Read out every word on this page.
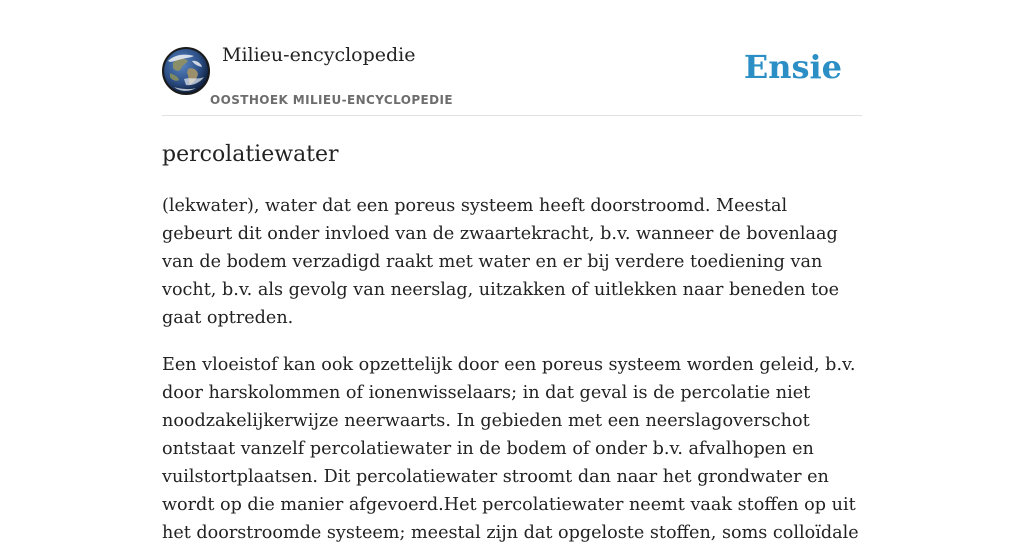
Milieu-encyclopedie
OOSTHOEK MILIEU-ENCYCLOPEDIE
Ensie
percolatiewater

(lekwater), water dat een poreus systeem heeft doorstroomd. Meestal gebeurt dit onder invloed van de zwaartekracht, b.v. wanneer de bovenlaag van de bodem verzadigd raakt met water en er bij verdere toediening van vocht, b.v. als gevolg van neerslag, uitzakken of uitlekken naar beneden toe gaat optreden.

Een vloeistof kan ook opzettelijk door een poreus systeem worden geleid, b.v. door harskolommen of ionenwisselaars; in dat geval is de percolatie niet noodzakelijkerwijze neerwaarts. In gebieden met een neerslagoverschot ontstaat vanzelf percolatiewater in de bodem of onder b.v. afvalhopen en vuilstortplaatsen. Dit percolatiewater stroomt dan naar het grondwater en wordt op die manier afgevoerd.Het percolatiewater neemt vaak stoffen op uit het doorstroomde systeem; meestal zijn dat opgeloste stoffen, soms colloïdale
